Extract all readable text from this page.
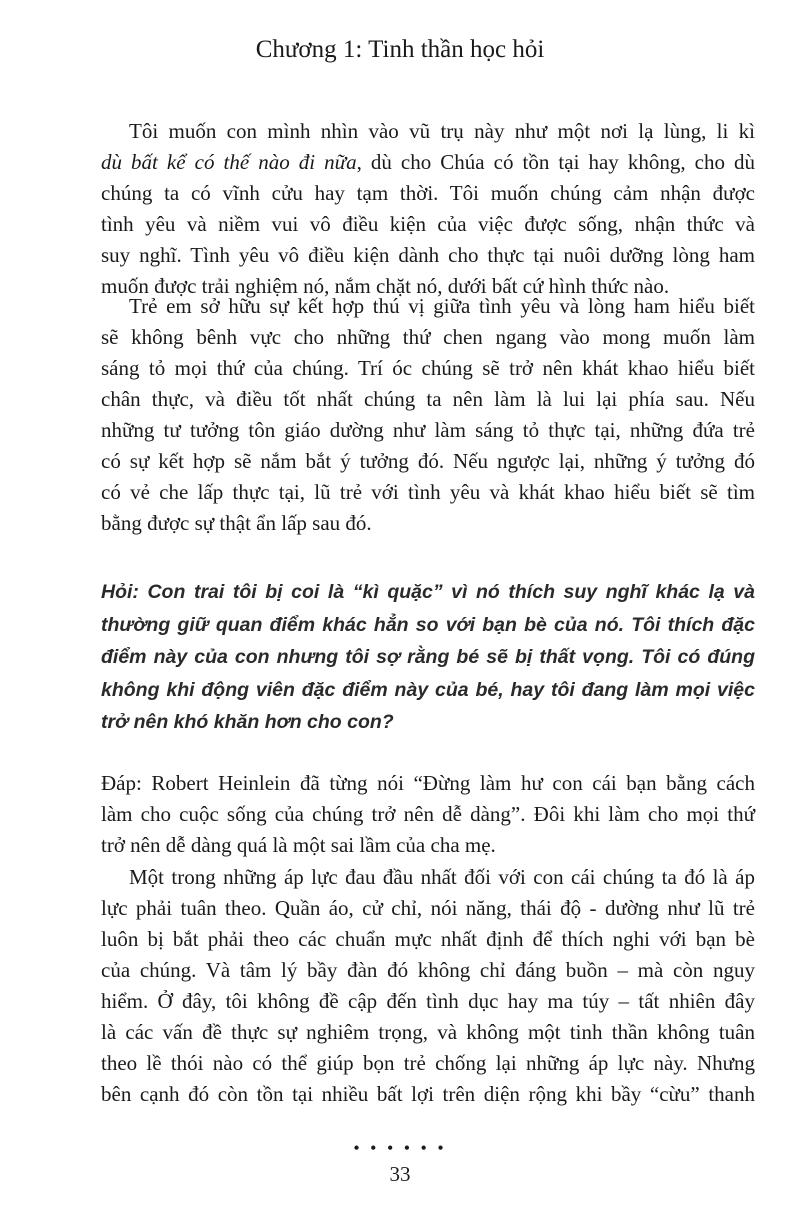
Chương 1: Tinh thần học hỏi
Tôi muốn con mình nhìn vào vũ trụ này như một nơi lạ lùng, li kì
dù bất kể có thế nào đi nữa, dù cho Chúa có tồn tại hay không, cho dù
chúng ta có vĩnh cửu hay tạm thời. Tôi muốn chúng cảm nhận được
tình yêu và niềm vui vô điều kiện của việc được sống, nhận thức và
suy nghĩ. Tình yêu vô điều kiện dành cho thực tại nuôi dưỡng lòng ham
muốn được trải nghiệm nó, nắm chặt nó, dưới bất cứ hình thức nào.
Trẻ em sở hữu sự kết hợp thú vị giữa tình yêu và lòng ham hiểu biết
sẽ không bênh vực cho những thứ chen ngang vào mong muốn làm
sáng tỏ mọi thứ của chúng. Trí óc chúng sẽ trở nên khát khao hiểu biết
chân thực, và điều tốt nhất chúng ta nên làm là lui lại phía sau. Nếu
những tư tưởng tôn giáo dường như làm sáng tỏ thực tại, những đứa trẻ
có sự kết hợp sẽ nắm bắt ý tưởng đó. Nếu ngược lại, những ý tưởng đó
có vẻ che lấp thực tại, lũ trẻ với tình yêu và khát khao hiểu biết sẽ tìm
bằng được sự thật ẩn lấp sau đó.
Hỏi: Con trai tôi bị coi là “kì quặc” vì nó thích suy nghĩ khác lạ và
thường giữ quan điểm khác hẳn so với bạn bè của nó. Tôi thích đặc
điểm này của con nhưng tôi sợ rằng bé sẽ bị thất vọng. Tôi có đúng
không khi động viên đặc điểm này của bé, hay tôi đang làm mọi việc
trở nên khó khăn hơn cho con?
Đáp: Robert Heinlein đã từng nói “Đừng làm hư con cái bạn bằng cách
làm cho cuộc sống của chúng trở nên dễ dàng”. Đôi khi làm cho mọi thứ
trở nên dễ dàng quá là một sai lầm của cha mẹ.
Một trong những áp lực đau đầu nhất đối với con cái chúng ta đó là áp
lực phải tuân theo. Quần áo, cử chỉ, nói năng, thái độ - dường như lũ trẻ
luôn bị bắt phải theo các chuẩn mực nhất định để thích nghi với bạn bè
của chúng. Và tâm lý bầy đàn đó không chỉ đáng buồn – mà còn nguy
hiểm. Ở đây, tôi không đề cập đến tình dục hay ma túy – tất nhiên đây
là các vấn đề thực sự nghiêm trọng, và không một tinh thần không tuân
theo lề thói nào có thể giúp bọn trẻ chống lại những áp lực này. Nhưng
bên cạnh đó còn tồn tại nhiều bất lợi trên diện rộng khi bầy “cừu” thanh
• • • • • •
33
